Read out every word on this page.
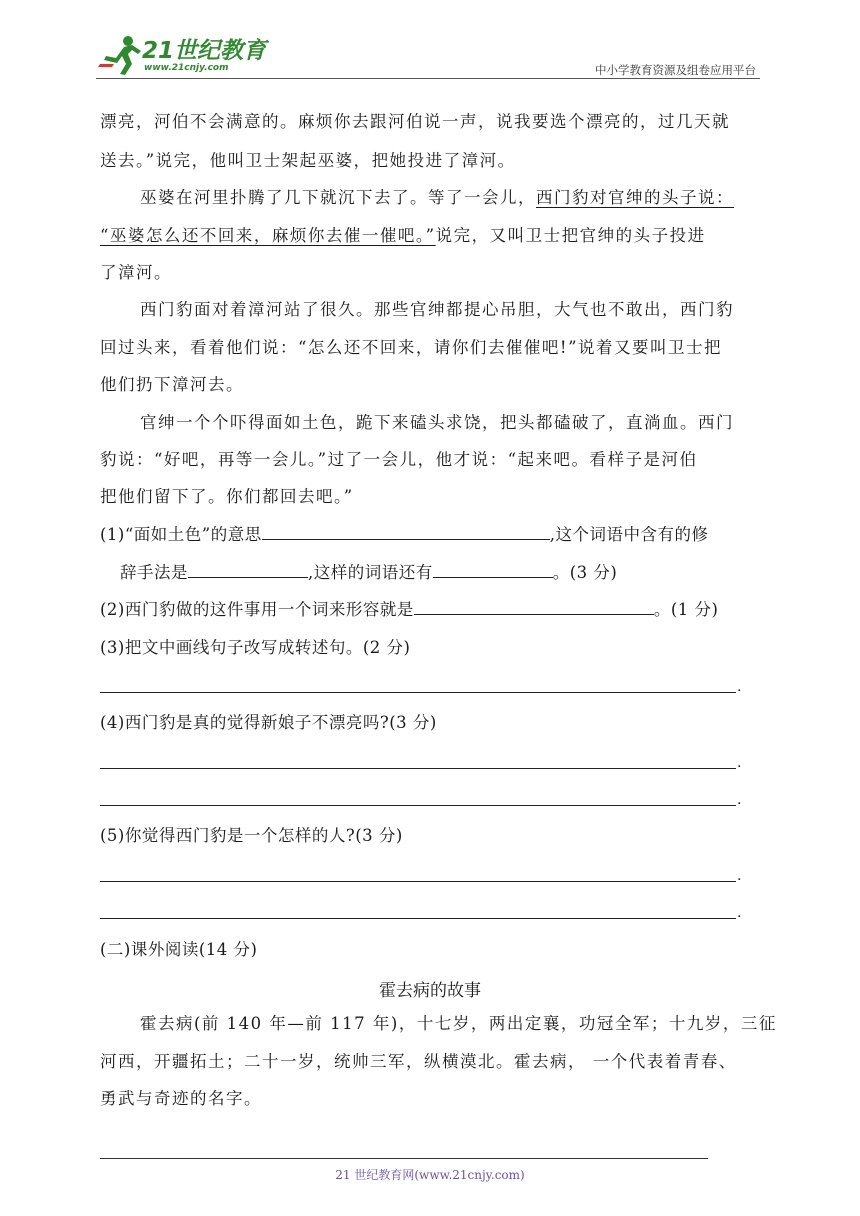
21世纪教育
www.21cnjy.com	中小学教育资源及组卷应用平台
漂亮，河伯不会满意的。麻烦你去跟河伯说一声，说我要选个漂亮的，过几天就
送去。”说完，他叫卫士架起巫婆，把她投进了漳河。
巫婆在河里扑腾了几下就沉下去了。等了一会儿，西门豹对官绅的头子说：
“巫婆怎么还不回来，麻烦你去催一催吧。”说完，又叫卫士把官绅的头子投进
了漳河。
西门豹面对着漳河站了很久。那些官绅都提心吊胆，大气也不敢出，西门豹
回过头来，看着他们说：“怎么还不回来，请你们去催催吧!”说着又要叫卫士把
他们扔下漳河去。
官绅一个个吓得面如土色，跪下来磕头求饶，把头都磕破了，直淌血。西门
豹说：“好吧，再等一会儿。”过了一会儿，他才说：“起来吧。看样子是河伯
把他们留下了。你们都回去吧。”
(1)“面如土色”的意思	,这个词语中含有的修
辞手法是	,这样的词语还有	。(3 分)
(2)西门豹做的这件事用一个词来形容就是	。(1 分)
(3)把文中画线句子改写成转述句。(2 分)
.
(4)西门豹是真的觉得新娘子不漂亮吗?(3 分)
.
.
(5)你觉得西门豹是一个怎样的人?(3 分)
.
.
(二)课外阅读(14 分)
霍去病的故事
霍去病(前 140 年—前 117 年)，十七岁，两出定襄，功冠全军；十九岁，三征
河西，开疆拓土；二十一岁，统帅三军，纵横漠北。霍去病， 一个代表着青春、
勇武与奇迹的名字。
21 世纪教育网(www.21cnjy.com)
